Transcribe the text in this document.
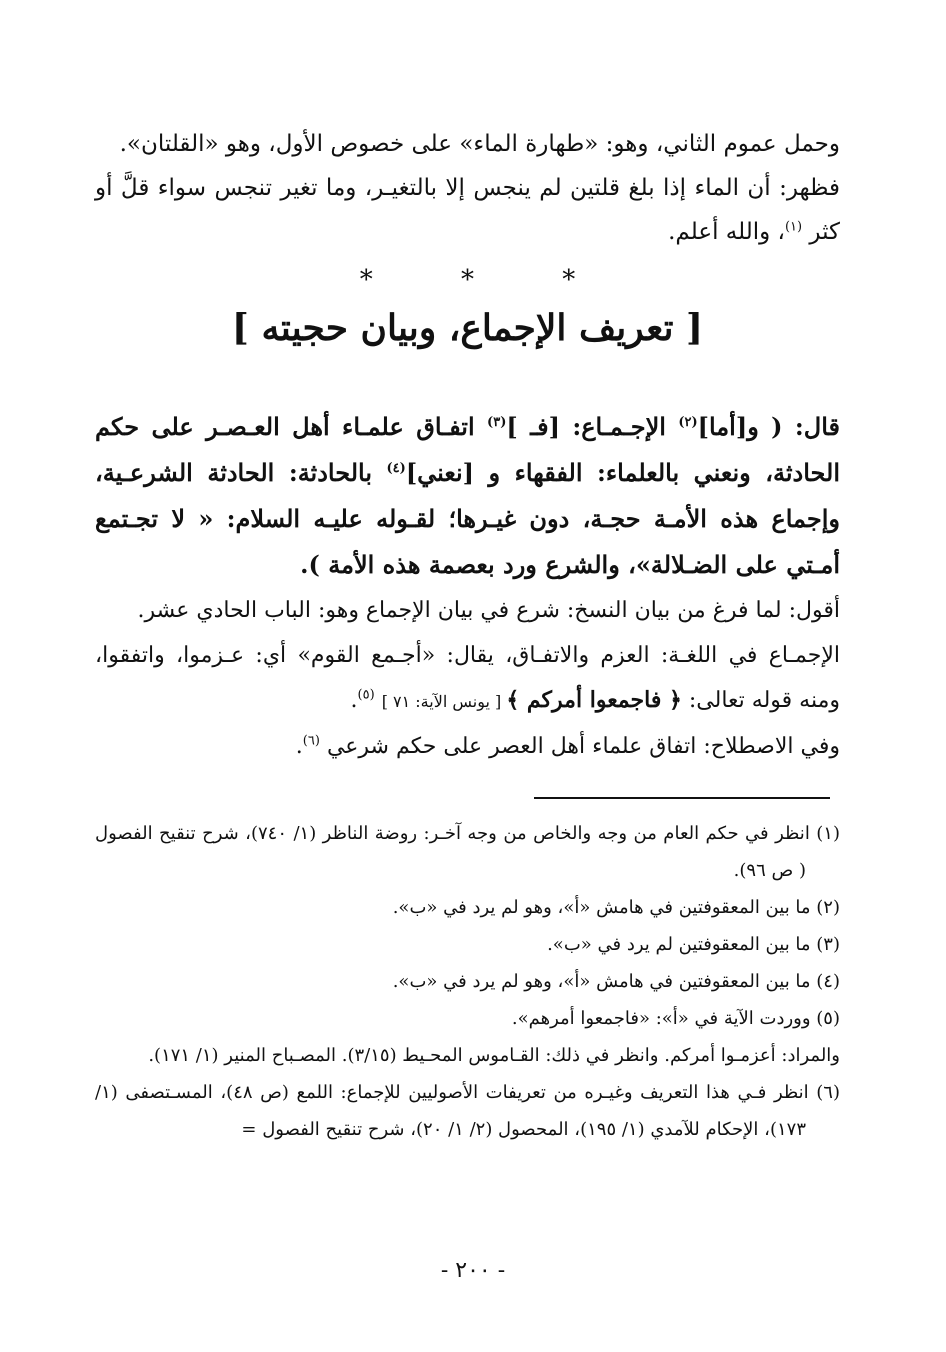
وحمل عموم الثاني، وهو: «طهارة الماء» على خصوص الأول، وهو «القلتان».

فظهر: أن الماء إذا بلغ قلتين لم ينجس إلا بالتغيـر، وما تغير تنجس سواء قلَّ أو كثر $^{(١)}$، والله أعلم.

* * *
[ تعريف الإجماع، وبيان حجيته ]

قال: ( و[أما]$^{(٢)}$ الإجـمـاع: [فـ ]$^{(٣)}$ اتفـاق علمـاء أهل العـصـر على حكم الحادثة، ونعني بالعلماء: الفقهاء و [نعني]$^{(٤)}$ بالحادثة: الحادثة الشرعـية، وإجماع هذه الأمـة حجـة، دون غيـرها؛ لقـوله عليـه السلام: « لا تجـتمع أمـتي على الضـلالة»، والشرع ورد بعصمة هذه الأمة ).

أقول: لما فرغ من بيان النسخ: شرع في بيان الإجماع وهو: الباب الحادي عشر.

الإجمـاع في اللغـة: العزم والاتفـاق، يقال: «أجـمع القوم» أي: عـزموا، واتفقوا، ومنه قوله تعالى: ﴿ فاجمعوا أمركم ﴾ [ يونس الآية: ٧١ ] $^{(٥)}$.

وفي الاصطلاح: اتفاق علماء أهل العصر على حكم شرعي $^{(٦)}$.

(١) انظر في حكم العام من وجه والخاص من وجه آخـر: روضة الناظر (١/ ٧٤٠)، شرح تنقيح الفصول ( ص ٩٦).

(٢) ما بين المعقوفتين في هامش «أ»، وهو لم يرد في «ب».

(٣) ما بين المعقوفتين لم يرد في «ب».

(٤) ما بين المعقوفتين في هامش «أ»، وهو لم يرد في «ب».

(٥) ووردت الآية في «أ»: «فاجمعوا أمرهم».

والمراد: أعزمـوا أمركم. وانظر في ذلك: القـاموس المحـيط (٣/١٥). المصـباح المنير (١/ ١٧١).

(٦) انظر فـي هذا التعريف وغيـره من تعريفات الأصوليين للإجماع: اللمع (ص ٤٨)، المسـتصفى (١/ ١٧٣)، الإحكام للآمدي (١/ ١٩٥)، المحصول (٢/ ١/ ٢٠)، شرح تنقيح الفصول =

- ٢٠٠ -
